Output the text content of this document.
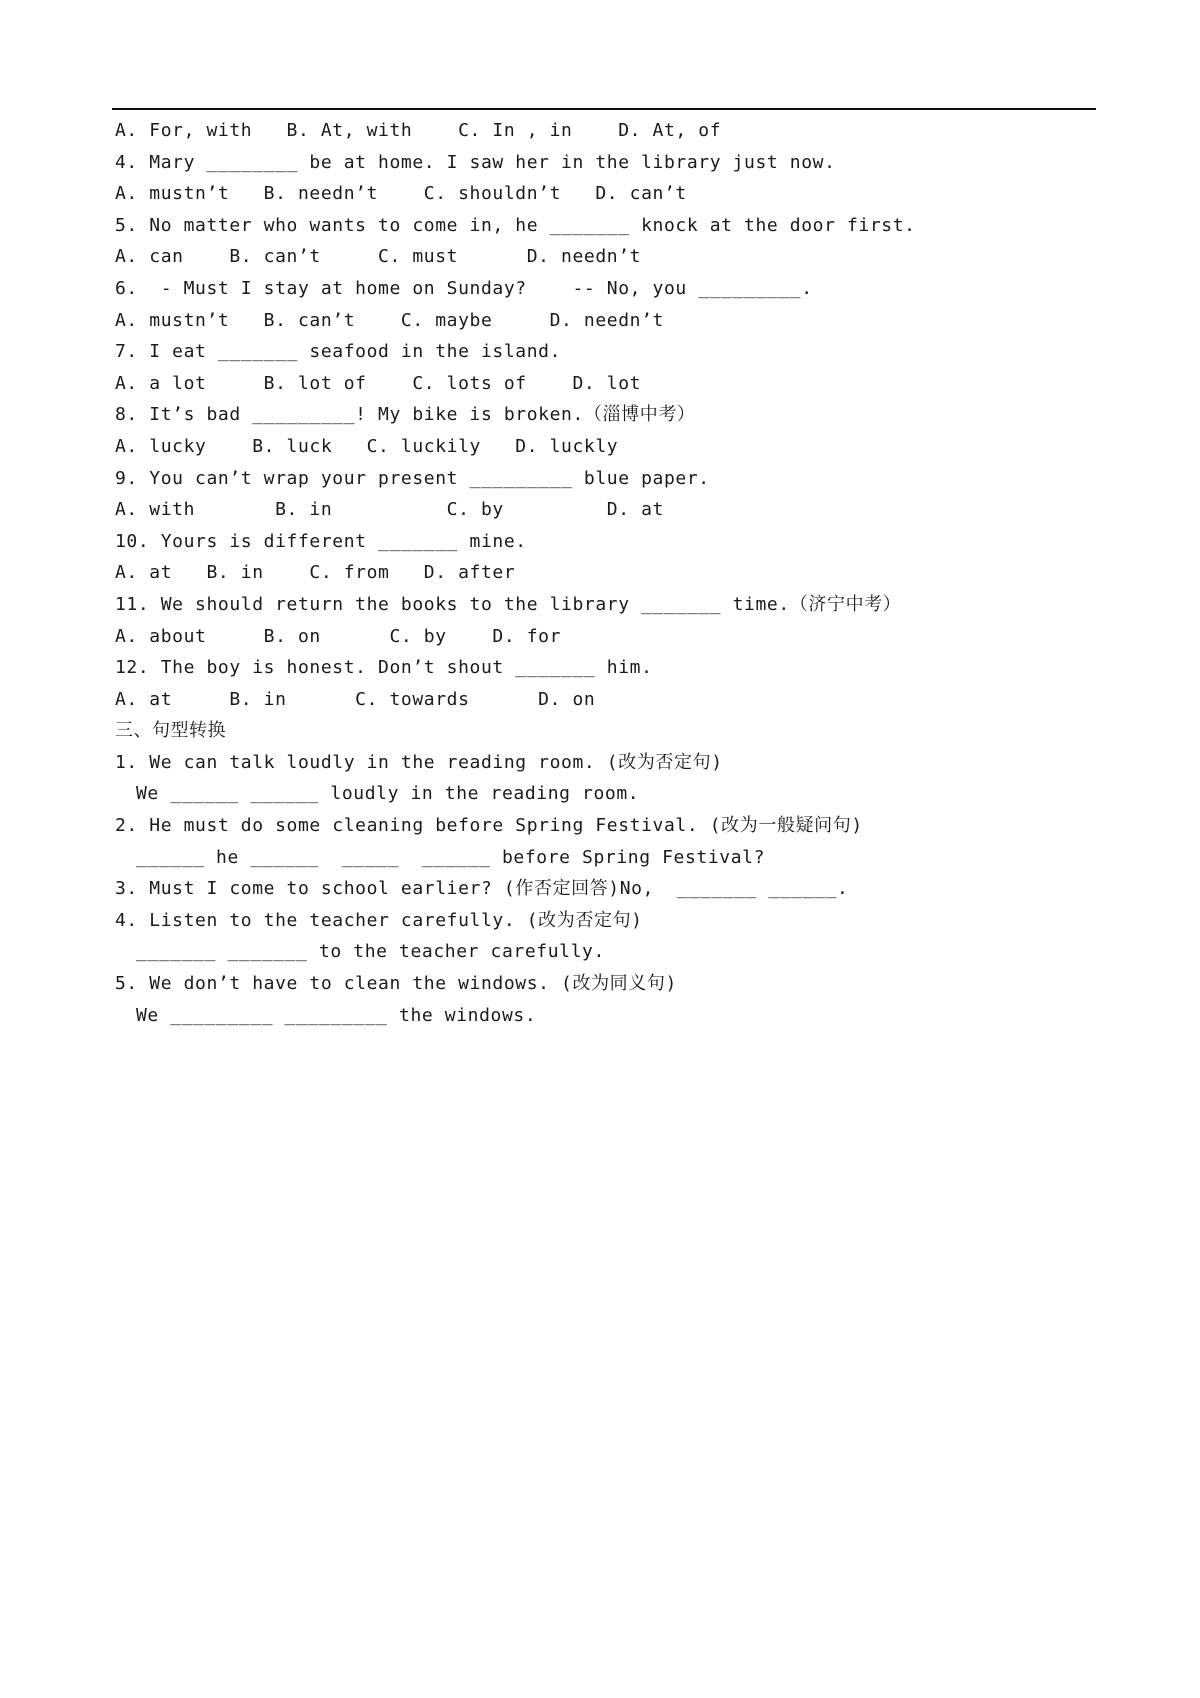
A. For, with   B. At, with    C. In , in    D. At, of
4. Mary ________ be at home. I saw her in the library just now.
A. mustn’t   B. needn’t    C. shouldn’t   D. can’t
5. No matter who wants to come in, he _______ knock at the door first.
A. can    B. can’t     C. must      D. needn’t
6.  - Must I stay at home on Sunday?    -- No, you _________.
A. mustn’t   B. can’t    C. maybe     D. needn’t
7. I eat _______ seafood in the island.
A. a lot     B. lot of    C. lots of    D. lot
8. It’s bad _________! My bike is broken.（淄博中考）
A. lucky    B. luck   C. luckily   D. luckly
9. You can’t wrap your present _________ blue paper.
A. with       B. in          C. by         D. at
10. Yours is different _______ mine.
A. at   B. in    C. from   D. after
11. We should return the books to the library _______ time.（济宁中考）
A. about     B. on      C. by    D. for
12. The boy is honest. Don’t shout _______ him.
A. at     B. in      C. towards      D. on
三、句型转换
1. We can talk loudly in the reading room. (改为否定句)
We ______ ______ loudly in the reading room.
2. He must do some cleaning before Spring Festival. (改为一般疑问句)
______ he ______  _____  ______ before Spring Festival?
3. Must I come to school earlier? (作否定回答)No,  _______ ______.
4. Listen to the teacher carefully. (改为否定句)
_______ _______ to the teacher carefully.
5. We don’t have to clean the windows. (改为同义句)
We _________ _________ the windows.
